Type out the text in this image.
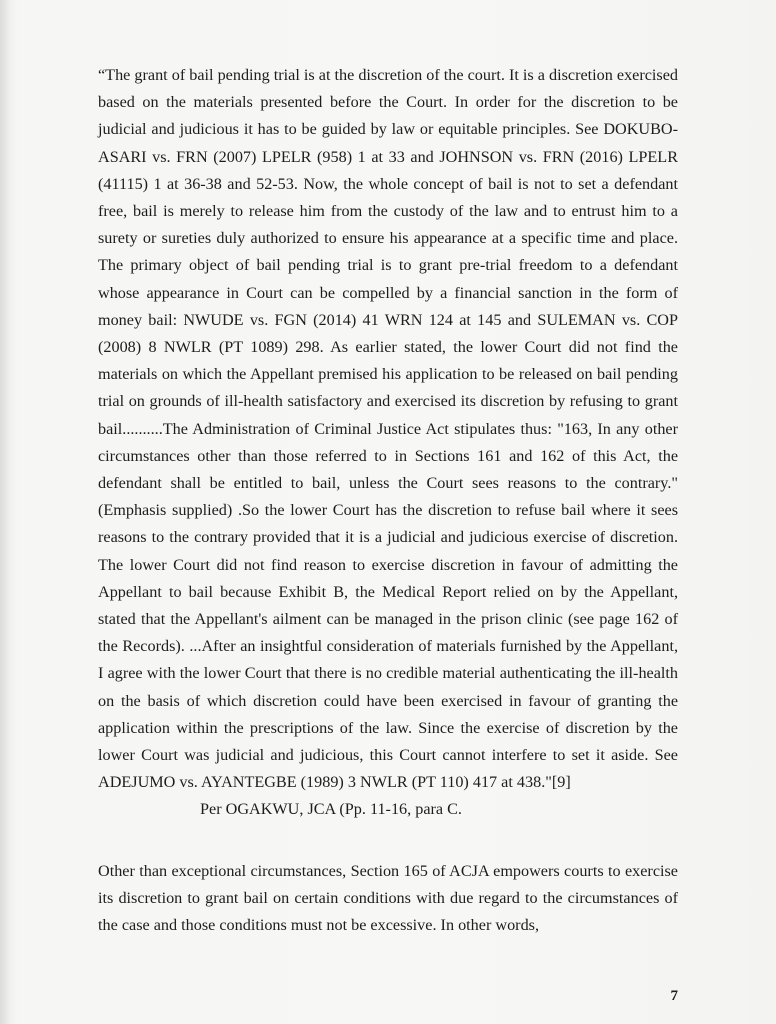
“The grant of bail pending trial is at the discretion of the court. It is a discretion exercised based on the materials presented before the Court. In order for the discretion to be judicial and judicious it has to be guided by law or equitable principles. See DOKUBO-ASARI vs. FRN (2007) LPELR (958) 1 at 33 and JOHNSON vs. FRN (2016) LPELR (41115) 1 at 36-38 and 52-53. Now, the whole concept of bail is not to set a defendant free, bail is merely to release him from the custody of the law and to entrust him to a surety or sureties duly authorized to ensure his appearance at a specific time and place. The primary object of bail pending trial is to grant pre-trial freedom to a defendant whose appearance in Court can be compelled by a financial sanction in the form of money bail: NWUDE vs. FGN (2014) 41 WRN 124 at 145 and SULEMAN vs. COP (2008) 8 NWLR (PT 1089) 298. As earlier stated, the lower Court did not find the materials on which the Appellant premised his application to be released on bail pending trial on grounds of ill-health satisfactory and exercised its discretion by refusing to grant bail..........The Administration of Criminal Justice Act stipulates thus: "163, In any other circumstances other than those referred to in Sections 161 and 162 of this Act, the defendant shall be entitled to bail, unless the Court sees reasons to the contrary." (Emphasis supplied) .So the lower Court has the discretion to refuse bail where it sees reasons to the contrary provided that it is a judicial and judicious exercise of discretion. The lower Court did not find reason to exercise discretion in favour of admitting the Appellant to bail because Exhibit B, the Medical Report relied on by the Appellant, stated that the Appellant's ailment can be managed in the prison clinic (see page 162 of the Records). ...After an insightful consideration of materials furnished by the Appellant, I agree with the lower Court that there is no credible material authenticating the ill-health on the basis of which discretion could have been exercised in favour of granting the application within the prescriptions of the law. Since the exercise of discretion by the lower Court was judicial and judicious, this Court cannot interfere to set it aside. See ADEJUMO vs. AYANTEGBE (1989) 3 NWLR (PT 110) 417 at 438."[9]

Per OGAKWU, JCA (Pp. 11-16, para C.

Other than exceptional circumstances, Section 165 of ACJA empowers courts to exercise its discretion to grant bail on certain conditions with due regard to the circumstances of the case and those conditions must not be excessive. In other words,

7
